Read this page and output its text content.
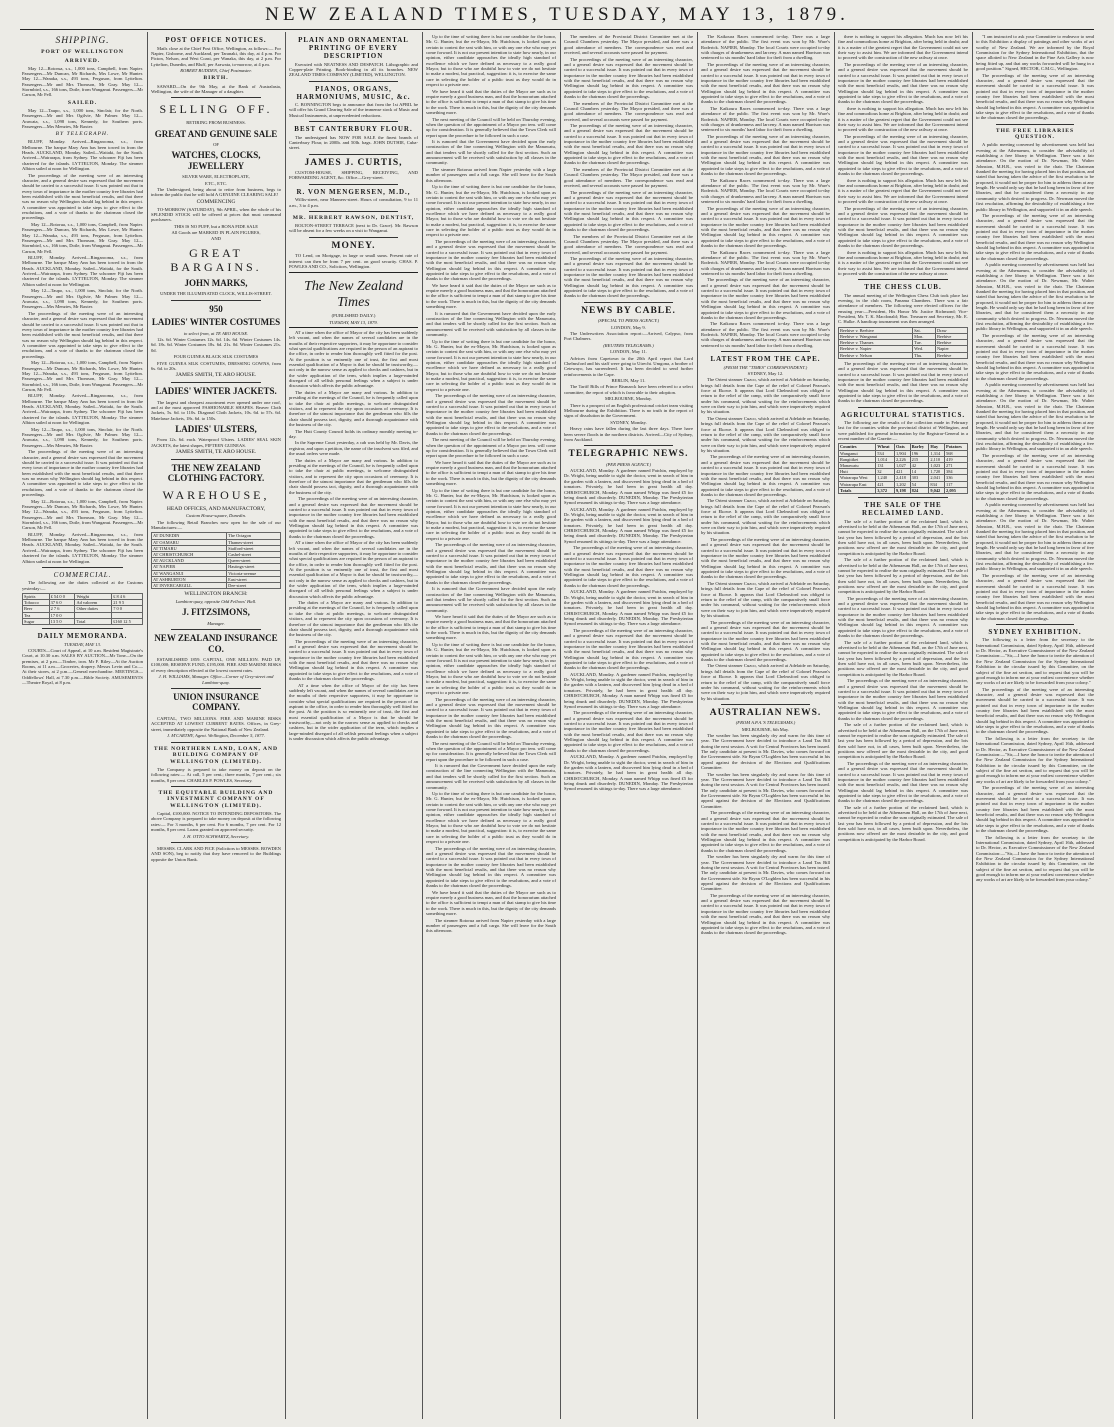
NEW ZEALAND TIMES, TUESDAY, MAY 13, 1879.
SHIPPING.
PORT OF WELLINGTON
ARRIVED.

May 12—Rotorua, s.s., 1,000 tons, Campbell, from Napier. Passengers—Mr Duncan, Mr Richards, Mrs Lowe, Mr Hunter. May 12—Wanaka, s.s., 493 tons, Ferguson, from Lyttelton. Passengers—Mr and Mrs Thomson, Mr Gray. May 12—Stormbird, s.s., 166 tons, Doile, from Wanganui. Passengers—Mr Carson, Mr Fell.

SAILED.

May 12—Taupo, s.s., 1,000 tons, Sinclair, for the North. Passengers—Mr and Mrs Ogilvie, Mr Palmer. May 12—Arawata, s.s., 1,098 tons, Kennedy, for Southern ports. Passengers—Mrs Menzies, Mr Baxter.

BY TELEGRAPH.

BLUFF, Monday. Arrived—Ringarooma, s.s., from Melbourne. The barque Mary Ann has been towed in from the Heads. AUCKLAND, Monday. Sailed—Waitaki, for the South. Arrived—Wairarapa, from Sydney. The schooner Fiji has been chartered for the islands. LYTTELTON, Monday. The steamer Albion sailed at noon for Wellington.

The proceedings of the meeting were of an interesting character, and a general desire was expressed that the movement should be carried to a successful issue. It was pointed out that in every town of importance in the mother country free libraries had been established with the most beneficial results, and that there was no reason why Wellington should lag behind in this respect. A committee was appointed to take steps to give effect to the resolutions, and a vote of thanks to the chairman closed the proceedings.

May 12—Rotorua, s.s., 1,000 tons, Campbell, from Napier. Passengers—Mr Duncan, Mr Richards, Mrs Lowe, Mr Hunter. May 12—Wanaka, s.s., 493 tons, Ferguson, from Lyttelton. Passengers—Mr and Mrs Thomson, Mr Gray. May 12—Stormbird, s.s., 166 tons, Doile, from Wanganui. Passengers—Mr Carson, Mr Fell.

BLUFF, Monday. Arrived—Ringarooma, s.s., from Melbourne. The barque Mary Ann has been towed in from the Heads. AUCKLAND, Monday. Sailed—Waitaki, for the South. Arrived—Wairarapa, from Sydney. The schooner Fiji has been chartered for the islands. LYTTELTON, Monday. The steamer Albion sailed at noon for Wellington.

May 12—Taupo, s.s., 1,000 tons, Sinclair, for the North. Passengers—Mr and Mrs Ogilvie, Mr Palmer. May 12—Arawata, s.s., 1,098 tons, Kennedy, for Southern ports. Passengers—Mrs Menzies, Mr Baxter.

The proceedings of the meeting were of an interesting character, and a general desire was expressed that the movement should be carried to a successful issue. It was pointed out that in every town of importance in the mother country free libraries had been established with the most beneficial results, and that there was no reason why Wellington should lag behind in this respect. A committee was appointed to take steps to give effect to the resolutions, and a vote of thanks to the chairman closed the proceedings.

May 12—Rotorua, s.s., 1,000 tons, Campbell, from Napier. Passengers—Mr Duncan, Mr Richards, Mrs Lowe, Mr Hunter. May 12—Wanaka, s.s., 493 tons, Ferguson, from Lyttelton. Passengers—Mr and Mrs Thomson, Mr Gray. May 12—Stormbird, s.s., 166 tons, Doile, from Wanganui. Passengers—Mr Carson, Mr Fell.

BLUFF, Monday. Arrived—Ringarooma, s.s., from Melbourne. The barque Mary Ann has been towed in from the Heads. AUCKLAND, Monday. Sailed—Waitaki, for the South. Arrived—Wairarapa, from Sydney. The schooner Fiji has been chartered for the islands. LYTTELTON, Monday. The steamer Albion sailed at noon for Wellington.

May 12—Taupo, s.s., 1,000 tons, Sinclair, for the North. Passengers—Mr and Mrs Ogilvie, Mr Palmer. May 12—Arawata, s.s., 1,098 tons, Kennedy, for Southern ports. Passengers—Mrs Menzies, Mr Baxter.

The proceedings of the meeting were of an interesting character, and a general desire was expressed that the movement should be carried to a successful issue. It was pointed out that in every town of importance in the mother country free libraries had been established with the most beneficial results, and that there was no reason why Wellington should lag behind in this respect. A committee was appointed to take steps to give effect to the resolutions, and a vote of thanks to the chairman closed the proceedings.

May 12—Rotorua, s.s., 1,000 tons, Campbell, from Napier. Passengers—Mr Duncan, Mr Richards, Mrs Lowe, Mr Hunter. May 12—Wanaka, s.s., 493 tons, Ferguson, from Lyttelton. Passengers—Mr and Mrs Thomson, Mr Gray. May 12—Stormbird, s.s., 166 tons, Doile, from Wanganui. Passengers—Mr Carson, Mr Fell.

BLUFF, Monday. Arrived—Ringarooma, s.s., from Melbourne. The barque Mary Ann has been towed in from the Heads. AUCKLAND, Monday. Sailed—Waitaki, for the South. Arrived—Wairarapa, from Sydney. The schooner Fiji has been chartered for the islands. LYTTELTON, Monday. The steamer Albion sailed at noon for Wellington.

COMMERCIAL.

The following are the duties collected at the Customs yesterday:—

Spirits	£ 54 0 0	Weight	£ 8 4 6
Tobacco	37 6 0	Ad valorem	21 9 5
Beer	2 7 6	Other duties	7 0 0
Tea	17 0 0		
Sugar	13 5 0	Total	£160 12 5
DAILY MEMORANDA.
TUESDAY, MAY 13.

COURTS—Court of Appeal, at 10 a.m. Resident Magistrate's Court, at 10.30 a.m. SALES BY AUCTION—Mr Tone—On the premises, at 2 p.m.—Timber, iron. Mr F. Riley—At the Auction Rooms, at 11 a.m.—Groceries, drapery. Messrs Levin and Co.—At their stores, at 2 p.m.—General merchandise. MEETINGS—Oddfellows' Hall, at 7.30 p.m.—Bible Society. AMUSEMENTS—Theatre Royal, at 8 p.m.

POST OFFICE NOTICES.

Mails close at the Chief Post Office, Wellington, as follows:— For Napier, Gisborne, and Auckland, per Taranaki, this day, at 4 p.m. For Picton, Nelson, and West Coast, per Wanaka, this day, at 2 p.m. For Lyttelton, Dunedin, and Bluff, per Arawata, to-morrow, at 4 p.m.

ROBERT BUDDEN, Chief Postmaster.
BIRTH.

SAWARD—On the 9th May, at the Bank of Australasia, Wellington, the wife of the Manager of a daughter.

SELLING OFF.
RETIRING FROM BUSINESS.
GREAT AND GENUINE SALE
OF
WATCHES, CLOCKS, JEWELLERY
SILVER WARE, ELECTROPLATE,
ETC., ETC.

The Undersigned, being about to retire from business, begs to inform the public that he will hold A GENUINE CLEARING SALE!

COMMENCING

TO-MORROW (SATURDAY), 9th APRIL, when the whole of his SPLENDID STOCK will be offered at prices that must command purchasers.

THIS IS NO PUFF, but a BONA FIDE SALE
All Goods are MARKED IN PLAIN FIGURES,
AND
GREAT BARGAINS.
JOHN MARKS,
UNDER THE ILLUMINATED CLOCK, WILLIS-STREET.
950
LADIES' WINTER COSTUMES
to select from, at TE ARO HOUSE.

12s. 6d. Winter Costumes 12s. 6d. 14s. 6d. Winter Costumes 14s. 6d. 18s. 6d. Winter Costumes 18s. 6d. 21s. 0d. Winter Costumes 21s. 0d.

FOUR GUINEA BLACK SILK COSTUMES

FIVE GUINEA SILK COSTUMES, DRESSING GOWNS, from 6s. 6d. to 20s.

JAMES SMITH, TE ARO HOUSE.
LADIES' WINTER JACKETS.

The largest and cheapest assortment ever opened under one roof, and at the most approved FASHIONABLE SHAPES. Beaver Cloth Jackets, 5s. 6d. to 110s. Diagonal Cloth Jackets, 10s. 6d. to 57s. 6d. Matelasse Jackets, 18s. 6d. to 150s.

LADIES' ULSTERS,

From 12s. 6d. each. Waterproof Ulsters. LADIES' SEAL SKIN JACKETS, the latest shapes, FIFTEEN GUINEAS.

JAMES SMITH, TE ARO HOUSE.
THE NEW ZEALAND CLOTHING FACTORY.
WAREHOUSE,
HEAD OFFICES, AND MANUFACTORY,
Custom House-square, Dunedin.

The following Retail Branches now open for the sale of our Manufactures:—

AT DUNEDIN	The Octagon
AT OAMARU	Thames-street
AT TIMARU	Stafford-street
AT CHRISTCHURCH	Cashel-street
AT AUCKLAND	Queen-street
AT NAPIER	Hastings-street
AT WANGANUI	Victoria-avenue
AT ASHBURTON	East-street
AT INVERCARGILL	Dee-street
WELLINGTON BRANCH:
Lambton-quay, opposite Odd Fellows' Hall.
J. FITZSIMONS,
Manager.
NEW ZEALAND INSURANCE CO.

ESTABLISHED 1859. CAPITAL, ONE MILLION. PAID UP, £100,000; RESERVE FUND, £195,000. FIRE AND MARINE RISKS of every description effected at the lowest current rates.

J. H. WILLIAMS, Manager. Office—Corner of Grey-street and Lambton-quay.
UNION INSURANCE COMPANY.

CAPITAL, TWO MILLIONS. FIRE AND MARINE RISKS ACCEPTED AT LOWEST CURRENT RATES. Offices, in Grey-street, immediately opposite the National Bank of New Zealand.

J. M'CARTHY, Agent. Wellington, December 5, 1877.
THE NORTHERN LAND, LOAN, AND BUILDING COMPANY OF WELLINGTON (LIMITED).

The Company is prepared to take money on deposit on the following rates:— At call, 5 per cent.; three months, 7 per cent.; six months, 8 per cent. CHARLES P. POWLES, Secretary.

THE EQUITABLE BUILDING AND INVESTMENT COMPANY OF WELLINGTON (LIMITED).

Capital, £100,000. NOTICE TO INTENDING DEPOSITORS. The above Company is prepared to take money on deposit at the following rates:— For 3 months, 6 per cent. For 6 months, 7 per cent. For 12 months, 8 per cent. Loans granted on approved security.

J. H. OTTO SCHWARTZ, Secretary.

MESSRS. CLARK AND FICE (Solicitors to MESSRS. BOWDEN AND SON), beg to notify that they have removed to the Buildings opposite the Union Bank.

PLAIN AND ORNAMENTAL PRINTING OF EVERY DESCRIPTION

Executed with NEATNESS AND DESPATCH. Lithographic and Copper-plate Printing. Book-binding in all its branches. NEW ZEALAND TIMES COMPANY (LIMITED), WELLINGTON.

PIANOS, ORGANS, HARMONIUMS, MUSIC, &c.

C. BONNINGTON begs to announce that from the 1st APRIL he will offer his Grand Clearing Sale of the immense stock of Music and Musical Instruments, at unprecedented reductions.

BEST CANTERBURY FLOUR.

The undersigned has NOW FOR SALE the finest brands of Canterbury Flour, in 200lb. and 50lb. bags. JOHN DUTHIE, Cuba-street.

JAMES J. CURTIS,

CUSTOM-HOUSE, SHIPPING, RECEIVING, AND FORWARDING AGENT, &c. Office—Grey-street.

R. VON MENGERSEN, M.D.,

Willis-street, near Manners-street. Hours of consultation, 9 to 11 a.m., 3 to 4 p.m.

MR. HERBERT RAWSON, DENTIST,

BOLTON-STREET TERRACE (next to Dr. Grace). Mr. Rawson will be absent for a few weeks on a visit to Wanganui.

MONEY.

TO Lend, on Mortgage, in large or small sums. Present rate of interest can then be from 7 per cent. on good security. CHAS. P. POWLES AND CO., Solicitors, Wellington.

The New Zealand Times
(PUBLISHED DAILY.)
TUESDAY, MAY 13, 1879.

AT a time when the office of Mayor of the city has been suddenly left vacant, and when the names of several candidates are in the mouths of their respective supporters, it may be opportune to consider what special qualifications are required in the person of an aspirant to the office, in order to render him thoroughly well fitted for the post. At the position is so eminently one of trust, the first and most essential qualification of a Mayor is that he should be trustworthy,—not only in the narrow sense as applied to checks and cashiers, but in the wider application of the term, which implies a large-minded disregard of all selfish personal feelings when a subject is under discussion which affects the public advantage.

The duties of a Mayor are many and various. In addition to presiding at the meetings of the Council, he is frequently called upon to take the chair at public meetings, to welcome distinguished visitors, and to represent the city upon occasions of ceremony. It is therefore of the utmost importance that the gentleman who fills the chair should possess tact, dignity, and a thorough acquaintance with the business of the city.

The Hutt County Council holds its ordinary monthly meeting to-day.

In the Supreme Court yesterday, a cab was held by Mr. Davis, the registrar, and upon a petition, the name of the insolvent was filed, and the usual orders were made.

The duties of a Mayor are many and various. In addition to presiding at the meetings of the Council, he is frequently called upon to take the chair at public meetings, to welcome distinguished visitors, and to represent the city upon occasions of ceremony. It is therefore of the utmost importance that the gentleman who fills the chair should possess tact, dignity, and a thorough acquaintance with the business of the city.

The proceedings of the meeting were of an interesting character, and a general desire was expressed that the movement should be carried to a successful issue. It was pointed out that in every town of importance in the mother country free libraries had been established with the most beneficial results, and that there was no reason why Wellington should lag behind in this respect. A committee was appointed to take steps to give effect to the resolutions, and a vote of thanks to the chairman closed the proceedings.

AT a time when the office of Mayor of the city has been suddenly left vacant, and when the names of several candidates are in the mouths of their respective supporters, it may be opportune to consider what special qualifications are required in the person of an aspirant to the office, in order to render him thoroughly well fitted for the post. At the position is so eminently one of trust, the first and most essential qualification of a Mayor is that he should be trustworthy,—not only in the narrow sense as applied to checks and cashiers, but in the wider application of the term, which implies a large-minded disregard of all selfish personal feelings when a subject is under discussion which affects the public advantage.

The duties of a Mayor are many and various. In addition to presiding at the meetings of the Council, he is frequently called upon to take the chair at public meetings, to welcome distinguished visitors, and to represent the city upon occasions of ceremony. It is therefore of the utmost importance that the gentleman who fills the chair should possess tact, dignity, and a thorough acquaintance with the business of the city.

The proceedings of the meeting were of an interesting character, and a general desire was expressed that the movement should be carried to a successful issue. It was pointed out that in every town of importance in the mother country free libraries had been established with the most beneficial results, and that there was no reason why Wellington should lag behind in this respect. A committee was appointed to take steps to give effect to the resolutions, and a vote of thanks to the chairman closed the proceedings.

AT a time when the office of Mayor of the city has been suddenly left vacant, and when the names of several candidates are in the mouths of their respective supporters, it may be opportune to consider what special qualifications are required in the person of an aspirant to the office, in order to render him thoroughly well fitted for the post. At the position is so eminently one of trust, the first and most essential qualification of a Mayor is that he should be trustworthy,—not only in the narrow sense as applied to checks and cashiers, but in the wider application of the term, which implies a large-minded disregard of all selfish personal feelings when a subject is under discussion which affects the public advantage.

Up to the time of writing there is but one candidate for the honor, Mr. G. Hunter, but the ex-Mayor, Mr. Hutchison, is looked upon as certain to contest the seat with him, or with any one else who may yet come forward. It is not our present intention to state how nearly, in our opinion, either candidate approaches the ideally high standard of excellence which we have defined as necessary to a really good Mayor, but to those who are doubtful how to vote we do not hesitate to make a modest, but practical, suggestion: it is, to exercise the same care in selecting the holder of a public trust as they would do in respect to a private one.

We have heard it said that the duties of the Mayor are such as to require merely a good business man, and that the honorarium attached to the office is sufficient to tempt a man of that stamp to give his time to the work. There is much in this, but the dignity of the city demands something more.

The next meeting of the Council will be held on Thursday evening, when the question of the appointment of a Mayor pro tem. will come up for consideration. It is generally believed that the Town Clerk will report upon the procedure to be followed in such a case.

It is rumored that the Government have decided upon the early construction of the line connecting Wellington with the Manawatu, and that tenders will be shortly called for the first section. Such an announcement will be received with satisfaction by all classes in the community.

The steamer Rotorua arrived from Napier yesterday with a large number of passengers and a full cargo. She will leave for the South this afternoon.

Up to the time of writing there is but one candidate for the honor, Mr. G. Hunter, but the ex-Mayor, Mr. Hutchison, is looked upon as certain to contest the seat with him, or with any one else who may yet come forward. It is not our present intention to state how nearly, in our opinion, either candidate approaches the ideally high standard of excellence which we have defined as necessary to a really good Mayor, but to those who are doubtful how to vote we do not hesitate to make a modest, but practical, suggestion: it is, to exercise the same care in selecting the holder of a public trust as they would do in respect to a private one.

The proceedings of the meeting were of an interesting character, and a general desire was expressed that the movement should be carried to a successful issue. It was pointed out that in every town of importance in the mother country free libraries had been established with the most beneficial results, and that there was no reason why Wellington should lag behind in this respect. A committee was appointed to take steps to give effect to the resolutions, and a vote of thanks to the chairman closed the proceedings.

We have heard it said that the duties of the Mayor are such as to require merely a good business man, and that the honorarium attached to the office is sufficient to tempt a man of that stamp to give his time to the work. There is much in this, but the dignity of the city demands something more.

It is rumored that the Government have decided upon the early construction of the line connecting Wellington with the Manawatu, and that tenders will be shortly called for the first section. Such an announcement will be received with satisfaction by all classes in the community.

Up to the time of writing there is but one candidate for the honor, Mr. G. Hunter, but the ex-Mayor, Mr. Hutchison, is looked upon as certain to contest the seat with him, or with any one else who may yet come forward. It is not our present intention to state how nearly, in our opinion, either candidate approaches the ideally high standard of excellence which we have defined as necessary to a really good Mayor, but to those who are doubtful how to vote we do not hesitate to make a modest, but practical, suggestion: it is, to exercise the same care in selecting the holder of a public trust as they would do in respect to a private one.

The proceedings of the meeting were of an interesting character, and a general desire was expressed that the movement should be carried to a successful issue. It was pointed out that in every town of importance in the mother country free libraries had been established with the most beneficial results, and that there was no reason why Wellington should lag behind in this respect. A committee was appointed to take steps to give effect to the resolutions, and a vote of thanks to the chairman closed the proceedings.

The next meeting of the Council will be held on Thursday evening, when the question of the appointment of a Mayor pro tem. will come up for consideration. It is generally believed that the Town Clerk will report upon the procedure to be followed in such a case.

We have heard it said that the duties of the Mayor are such as to require merely a good business man, and that the honorarium attached to the office is sufficient to tempt a man of that stamp to give his time to the work. There is much in this, but the dignity of the city demands something more.

Up to the time of writing there is but one candidate for the honor, Mr. G. Hunter, but the ex-Mayor, Mr. Hutchison, is looked upon as certain to contest the seat with him, or with any one else who may yet come forward. It is not our present intention to state how nearly, in our opinion, either candidate approaches the ideally high standard of excellence which we have defined as necessary to a really good Mayor, but to those who are doubtful how to vote we do not hesitate to make a modest, but practical, suggestion: it is, to exercise the same care in selecting the holder of a public trust as they would do in respect to a private one.

The proceedings of the meeting were of an interesting character, and a general desire was expressed that the movement should be carried to a successful issue. It was pointed out that in every town of importance in the mother country free libraries had been established with the most beneficial results, and that there was no reason why Wellington should lag behind in this respect. A committee was appointed to take steps to give effect to the resolutions, and a vote of thanks to the chairman closed the proceedings.

It is rumored that the Government have decided upon the early construction of the line connecting Wellington with the Manawatu, and that tenders will be shortly called for the first section. Such an announcement will be received with satisfaction by all classes in the community.

We have heard it said that the duties of the Mayor are such as to require merely a good business man, and that the honorarium attached to the office is sufficient to tempt a man of that stamp to give his time to the work. There is much in this, but the dignity of the city demands something more.

Up to the time of writing there is but one candidate for the honor, Mr. G. Hunter, but the ex-Mayor, Mr. Hutchison, is looked upon as certain to contest the seat with him, or with any one else who may yet come forward. It is not our present intention to state how nearly, in our opinion, either candidate approaches the ideally high standard of excellence which we have defined as necessary to a really good Mayor, but to those who are doubtful how to vote we do not hesitate to make a modest, but practical, suggestion: it is, to exercise the same care in selecting the holder of a public trust as they would do in respect to a private one.

The proceedings of the meeting were of an interesting character, and a general desire was expressed that the movement should be carried to a successful issue. It was pointed out that in every town of importance in the mother country free libraries had been established with the most beneficial results, and that there was no reason why Wellington should lag behind in this respect. A committee was appointed to take steps to give effect to the resolutions, and a vote of thanks to the chairman closed the proceedings.

The next meeting of the Council will be held on Thursday evening, when the question of the appointment of a Mayor pro tem. will come up for consideration. It is generally believed that the Town Clerk will report upon the procedure to be followed in such a case.

It is rumored that the Government have decided upon the early construction of the line connecting Wellington with the Manawatu, and that tenders will be shortly called for the first section. Such an announcement will be received with satisfaction by all classes in the community.

Up to the time of writing there is but one candidate for the honor, Mr. G. Hunter, but the ex-Mayor, Mr. Hutchison, is looked upon as certain to contest the seat with him, or with any one else who may yet come forward. It is not our present intention to state how nearly, in our opinion, either candidate approaches the ideally high standard of excellence which we have defined as necessary to a really good Mayor, but to those who are doubtful how to vote we do not hesitate to make a modest, but practical, suggestion: it is, to exercise the same care in selecting the holder of a public trust as they would do in respect to a private one.

The proceedings of the meeting were of an interesting character, and a general desire was expressed that the movement should be carried to a successful issue. It was pointed out that in every town of importance in the mother country free libraries had been established with the most beneficial results, and that there was no reason why Wellington should lag behind in this respect. A committee was appointed to take steps to give effect to the resolutions, and a vote of thanks to the chairman closed the proceedings.

We have heard it said that the duties of the Mayor are such as to require merely a good business man, and that the honorarium attached to the office is sufficient to tempt a man of that stamp to give his time to the work. There is much in this, but the dignity of the city demands something more.

The steamer Rotorua arrived from Napier yesterday with a large number of passengers and a full cargo. She will leave for the South this afternoon.

The members of the Provincial District Committee met at the Council Chambers yesterday. The Mayor presided, and there was a good attendance of members. The correspondence was read and received, and several accounts were passed for payment.

The proceedings of the meeting were of an interesting character, and a general desire was expressed that the movement should be carried to a successful issue. It was pointed out that in every town of importance in the mother country free libraries had been established with the most beneficial results, and that there was no reason why Wellington should lag behind in this respect. A committee was appointed to take steps to give effect to the resolutions, and a vote of thanks to the chairman closed the proceedings.

The members of the Provincial District Committee met at the Council Chambers yesterday. The Mayor presided, and there was a good attendance of members. The correspondence was read and received, and several accounts were passed for payment.

The proceedings of the meeting were of an interesting character, and a general desire was expressed that the movement should be carried to a successful issue. It was pointed out that in every town of importance in the mother country free libraries had been established with the most beneficial results, and that there was no reason why Wellington should lag behind in this respect. A committee was appointed to take steps to give effect to the resolutions, and a vote of thanks to the chairman closed the proceedings.

The members of the Provincial District Committee met at the Council Chambers yesterday. The Mayor presided, and there was a good attendance of members. The correspondence was read and received, and several accounts were passed for payment.

The proceedings of the meeting were of an interesting character, and a general desire was expressed that the movement should be carried to a successful issue. It was pointed out that in every town of importance in the mother country free libraries had been established with the most beneficial results, and that there was no reason why Wellington should lag behind in this respect. A committee was appointed to take steps to give effect to the resolutions, and a vote of thanks to the chairman closed the proceedings.

The members of the Provincial District Committee met at the Council Chambers yesterday. The Mayor presided, and there was a good attendance of members. The correspondence was read and received, and several accounts were passed for payment.

The proceedings of the meeting were of an interesting character, and a general desire was expressed that the movement should be carried to a successful issue. It was pointed out that in every town of importance in the mother country free libraries had been established with the most beneficial results, and that there was no reason why Wellington should lag behind in this respect. A committee was appointed to take steps to give effect to the resolutions, and a vote of thanks to the chairman closed the proceedings.

NEWS BY CABLE.
(SPECIAL TO PRESS AGENCY.)
LONDON, May 9.

The Underwriters Association report:—Arrived, Calypso, from Port Chalmers.

(REUTERS TELEGRAMS.)
LONDON, May 11.

Advices from Capetown to the 20th April report that Lord Chelmsford and his staff were going to Utrecht. Umgona, a brother of Cetewayo, has surrendered. It has been decided to send further reinforcements to the Cape.

BERLIN, May 11.

The Tariff Bills of Prince Bismarck have been referred to a select committee, the report of which is favorable to their adoption.

MELBOURNE, Monday.

There is a prospect of an English professional cricket team visiting Melbourne during the Exhibition. There is no truth in the report of signs of dissolution in the Government.

SYDNEY, Monday.

Heavy rains have fallen during the last three days. There have been severe floods in the northern districts. Arrived—City of Sydney, from Auckland.

TELEGRAPHIC NEWS.
(PER PRESS AGENCY.)

AUCKLAND, Monday. A gardener named Patchin, employed by Dr. Wright, being unable to sight the doctor, went in search of him in the garden with a lantern, and discovered him lying dead in a bed of tomatoes. Privately, he had been in great health all day. CHRISTCHURCH, Monday. A man named Whipp was fined £5 for being drunk and disorderly. DUNEDIN, Monday. The Presbyterian Synod resumed its sittings to-day. There was a large attendance.

AUCKLAND, Monday. A gardener named Patchin, employed by Dr. Wright, being unable to sight the doctor, went in search of him in the garden with a lantern, and discovered him lying dead in a bed of tomatoes. Privately, he had been in great health all day. CHRISTCHURCH, Monday. A man named Whipp was fined £5 for being drunk and disorderly. DUNEDIN, Monday. The Presbyterian Synod resumed its sittings to-day. There was a large attendance.

The proceedings of the meeting were of an interesting character, and a general desire was expressed that the movement should be carried to a successful issue. It was pointed out that in every town of importance in the mother country free libraries had been established with the most beneficial results, and that there was no reason why Wellington should lag behind in this respect. A committee was appointed to take steps to give effect to the resolutions, and a vote of thanks to the chairman closed the proceedings.

AUCKLAND, Monday. A gardener named Patchin, employed by Dr. Wright, being unable to sight the doctor, went in search of him in the garden with a lantern, and discovered him lying dead in a bed of tomatoes. Privately, he had been in great health all day. CHRISTCHURCH, Monday. A man named Whipp was fined £5 for being drunk and disorderly. DUNEDIN, Monday. The Presbyterian Synod resumed its sittings to-day. There was a large attendance.

The proceedings of the meeting were of an interesting character, and a general desire was expressed that the movement should be carried to a successful issue. It was pointed out that in every town of importance in the mother country free libraries had been established with the most beneficial results, and that there was no reason why Wellington should lag behind in this respect. A committee was appointed to take steps to give effect to the resolutions, and a vote of thanks to the chairman closed the proceedings.

AUCKLAND, Monday. A gardener named Patchin, employed by Dr. Wright, being unable to sight the doctor, went in search of him in the garden with a lantern, and discovered him lying dead in a bed of tomatoes. Privately, he had been in great health all day. CHRISTCHURCH, Monday. A man named Whipp was fined £5 for being drunk and disorderly. DUNEDIN, Monday. The Presbyterian Synod resumed its sittings to-day. There was a large attendance.

The proceedings of the meeting were of an interesting character, and a general desire was expressed that the movement should be carried to a successful issue. It was pointed out that in every town of importance in the mother country free libraries had been established with the most beneficial results, and that there was no reason why Wellington should lag behind in this respect. A committee was appointed to take steps to give effect to the resolutions, and a vote of thanks to the chairman closed the proceedings.

AUCKLAND, Monday. A gardener named Patchin, employed by Dr. Wright, being unable to sight the doctor, went in search of him in the garden with a lantern, and discovered him lying dead in a bed of tomatoes. Privately, he had been in great health all day. CHRISTCHURCH, Monday. A man named Whipp was fined £5 for being drunk and disorderly. DUNEDIN, Monday. The Presbyterian Synod resumed its sittings to-day. There was a large attendance.

The Kaikoura Races commenced to-day. There was a large attendance of the public. The first event was won by Mr. Ware's Roderick. NAPIER, Monday. The local Courts were occupied to-day with charges of drunkenness and larceny. A man named Harrison was sentenced to six months' hard labor for theft from a dwelling.

The proceedings of the meeting were of an interesting character, and a general desire was expressed that the movement should be carried to a successful issue. It was pointed out that in every town of importance in the mother country free libraries had been established with the most beneficial results, and that there was no reason why Wellington should lag behind in this respect. A committee was appointed to take steps to give effect to the resolutions, and a vote of thanks to the chairman closed the proceedings.

The Kaikoura Races commenced to-day. There was a large attendance of the public. The first event was won by Mr. Ware's Roderick. NAPIER, Monday. The local Courts were occupied to-day with charges of drunkenness and larceny. A man named Harrison was sentenced to six months' hard labor for theft from a dwelling.

The proceedings of the meeting were of an interesting character, and a general desire was expressed that the movement should be carried to a successful issue. It was pointed out that in every town of importance in the mother country free libraries had been established with the most beneficial results, and that there was no reason why Wellington should lag behind in this respect. A committee was appointed to take steps to give effect to the resolutions, and a vote of thanks to the chairman closed the proceedings.

The Kaikoura Races commenced to-day. There was a large attendance of the public. The first event was won by Mr. Ware's Roderick. NAPIER, Monday. The local Courts were occupied to-day with charges of drunkenness and larceny. A man named Harrison was sentenced to six months' hard labor for theft from a dwelling.

The proceedings of the meeting were of an interesting character, and a general desire was expressed that the movement should be carried to a successful issue. It was pointed out that in every town of importance in the mother country free libraries had been established with the most beneficial results, and that there was no reason why Wellington should lag behind in this respect. A committee was appointed to take steps to give effect to the resolutions, and a vote of thanks to the chairman closed the proceedings.

The Kaikoura Races commenced to-day. There was a large attendance of the public. The first event was won by Mr. Ware's Roderick. NAPIER, Monday. The local Courts were occupied to-day with charges of drunkenness and larceny. A man named Harrison was sentenced to six months' hard labor for theft from a dwelling.

The proceedings of the meeting were of an interesting character, and a general desire was expressed that the movement should be carried to a successful issue. It was pointed out that in every town of importance in the mother country free libraries had been established with the most beneficial results, and that there was no reason why Wellington should lag behind in this respect. A committee was appointed to take steps to give effect to the resolutions, and a vote of thanks to the chairman closed the proceedings.

The Kaikoura Races commenced to-day. There was a large attendance of the public. The first event was won by Mr. Ware's Roderick. NAPIER, Monday. The local Courts were occupied to-day with charges of drunkenness and larceny. A man named Harrison was sentenced to six months' hard labor for theft from a dwelling.

LATEST FROM THE CAPE.
(FROM THE "TIMES" CORRESPONDENT.)
SYDNEY, May 12.

The Orient steamer Cuzco, which arrived at Adelaide on Saturday, brings full details from the Cape of the relief of Colonel Pearson's force at Ekowe. It appears that Lord Chelmsford was obliged to return to the relief of the camp, with the comparatively small force under his command, without waiting for the reinforcements which were on their way to join him, and which were imperatively required by his situation.

The Orient steamer Cuzco, which arrived at Adelaide on Saturday, brings full details from the Cape of the relief of Colonel Pearson's force at Ekowe. It appears that Lord Chelmsford was obliged to return to the relief of the camp, with the comparatively small force under his command, without waiting for the reinforcements which were on their way to join him, and which were imperatively required by his situation.

The proceedings of the meeting were of an interesting character, and a general desire was expressed that the movement should be carried to a successful issue. It was pointed out that in every town of importance in the mother country free libraries had been established with the most beneficial results, and that there was no reason why Wellington should lag behind in this respect. A committee was appointed to take steps to give effect to the resolutions, and a vote of thanks to the chairman closed the proceedings.

The Orient steamer Cuzco, which arrived at Adelaide on Saturday, brings full details from the Cape of the relief of Colonel Pearson's force at Ekowe. It appears that Lord Chelmsford was obliged to return to the relief of the camp, with the comparatively small force under his command, without waiting for the reinforcements which were on their way to join him, and which were imperatively required by his situation.

The proceedings of the meeting were of an interesting character, and a general desire was expressed that the movement should be carried to a successful issue. It was pointed out that in every town of importance in the mother country free libraries had been established with the most beneficial results, and that there was no reason why Wellington should lag behind in this respect. A committee was appointed to take steps to give effect to the resolutions, and a vote of thanks to the chairman closed the proceedings.

The Orient steamer Cuzco, which arrived at Adelaide on Saturday, brings full details from the Cape of the relief of Colonel Pearson's force at Ekowe. It appears that Lord Chelmsford was obliged to return to the relief of the camp, with the comparatively small force under his command, without waiting for the reinforcements which were on their way to join him, and which were imperatively required by his situation.

The proceedings of the meeting were of an interesting character, and a general desire was expressed that the movement should be carried to a successful issue. It was pointed out that in every town of importance in the mother country free libraries had been established with the most beneficial results, and that there was no reason why Wellington should lag behind in this respect. A committee was appointed to take steps to give effect to the resolutions, and a vote of thanks to the chairman closed the proceedings.

The Orient steamer Cuzco, which arrived at Adelaide on Saturday, brings full details from the Cape of the relief of Colonel Pearson's force at Ekowe. It appears that Lord Chelmsford was obliged to return to the relief of the camp, with the comparatively small force under his command, without waiting for the reinforcements which were on their way to join him, and which were imperatively required by his situation.

AUSTRALIAN NEWS.
(FROM A.P.A.'S TELEGRAMS.)
MELBOURNE, 6th May.

The weather has been singularly dry and warm for this time of year. The Government have decided to introduce a Land Tax Bill during the next session. A writ for Central Provinces has been issued. The only candidate at present is Mr. Davies, who comes forward on the Government side. Sir Bryan O'Loghlen has been successful in his appeal against the decision of the Elections and Qualifications Committee.

The weather has been singularly dry and warm for this time of year. The Government have decided to introduce a Land Tax Bill during the next session. A writ for Central Provinces has been issued. The only candidate at present is Mr. Davies, who comes forward on the Government side. Sir Bryan O'Loghlen has been successful in his appeal against the decision of the Elections and Qualifications Committee.

The proceedings of the meeting were of an interesting character, and a general desire was expressed that the movement should be carried to a successful issue. It was pointed out that in every town of importance in the mother country free libraries had been established with the most beneficial results, and that there was no reason why Wellington should lag behind in this respect. A committee was appointed to take steps to give effect to the resolutions, and a vote of thanks to the chairman closed the proceedings.

The weather has been singularly dry and warm for this time of year. The Government have decided to introduce a Land Tax Bill during the next session. A writ for Central Provinces has been issued. The only candidate at present is Mr. Davies, who comes forward on the Government side. Sir Bryan O'Loghlen has been successful in his appeal against the decision of the Elections and Qualifications Committee.

The proceedings of the meeting were of an interesting character, and a general desire was expressed that the movement should be carried to a successful issue. It was pointed out that in every town of importance in the mother country free libraries had been established with the most beneficial results, and that there was no reason why Wellington should lag behind in this respect. A committee was appointed to take steps to give effect to the resolutions, and a vote of thanks to the chairman closed the proceedings.

there is nothing to support his allegation. Much has now left his fine and commodious home at Brighton, after being held in doubt; and it is a matter of the greatest regret that the Government could not see their way to assist him. We are informed that the Government intend to proceed with the construction of the new railway at once.

The proceedings of the meeting were of an interesting character, and a general desire was expressed that the movement should be carried to a successful issue. It was pointed out that in every town of importance in the mother country free libraries had been established with the most beneficial results, and that there was no reason why Wellington should lag behind in this respect. A committee was appointed to take steps to give effect to the resolutions, and a vote of thanks to the chairman closed the proceedings.

there is nothing to support his allegation. Much has now left his fine and commodious home at Brighton, after being held in doubt; and it is a matter of the greatest regret that the Government could not see their way to assist him. We are informed that the Government intend to proceed with the construction of the new railway at once.

The proceedings of the meeting were of an interesting character, and a general desire was expressed that the movement should be carried to a successful issue. It was pointed out that in every town of importance in the mother country free libraries had been established with the most beneficial results, and that there was no reason why Wellington should lag behind in this respect. A committee was appointed to take steps to give effect to the resolutions, and a vote of thanks to the chairman closed the proceedings.

there is nothing to support his allegation. Much has now left his fine and commodious home at Brighton, after being held in doubt; and it is a matter of the greatest regret that the Government could not see their way to assist him. We are informed that the Government intend to proceed with the construction of the new railway at once.

The proceedings of the meeting were of an interesting character, and a general desire was expressed that the movement should be carried to a successful issue. It was pointed out that in every town of importance in the mother country free libraries had been established with the most beneficial results, and that there was no reason why Wellington should lag behind in this respect. A committee was appointed to take steps to give effect to the resolutions, and a vote of thanks to the chairman closed the proceedings.

there is nothing to support his allegation. Much has now left his fine and commodious home at Brighton, after being held in doubt; and it is a matter of the greatest regret that the Government could not see their way to assist him. We are informed that the Government intend to proceed with the construction of the new railway at once.

THE CHESS CLUB.

The annual meeting of the Wellington Chess Club took place last evening, in the club room, Panama Chambers. There was a fair attendance of members. The following were elected officers for the ensuing year:—President, His Honor Mr. Justice Richmond; Vice-President, Mr. T. K. Macdonald; Hon. Treasurer and Secretary, Mr. E. C. Hulke. A handicap tournament was then arranged.

Beehive v. Beehive	Sat.	Draw
Beehive v. Wanganui	Mon.	Beehive
Beehive v. Thames	Tue.	Beehive
Beehive v. Napier	Wed.	Napier
Beehive v. Nelson	Thu.	Beehive

The proceedings of the meeting were of an interesting character, and a general desire was expressed that the movement should be carried to a successful issue. It was pointed out that in every town of importance in the mother country free libraries had been established with the most beneficial results, and that there was no reason why Wellington should lag behind in this respect. A committee was appointed to take steps to give effect to the resolutions, and a vote of thanks to the chairman closed the proceedings.

AGRICULTURAL STATISTICS.

The following are the results of the collection made in February last for the counties within the provincial district of Wellington, and were published for general information by the Registrar-General in a recent number of the Gazette:—

Counties	Wheat	Oats	Barley	Hay	Potatoes
Wanganui	534	1,904	196	1,314	568
Rangitikei	1,014	2,226	215	2,110	419
Manawatu	131	1,027	42	1,023	271
Hutt	32	421	14	1,720	384
Wairarapa West	1,240	2,418	303	2,041	336
Wairarapa East	421	1,202	54	834	117
Totals	3,372	9,198	824	9,042	2,095
THE SALE OF THE RECLAIMED LAND.

The sale of a further portion of the reclaimed land, which is advertised to be held at the Athenaeum Hall, on the 17th of June next, cannot be expected to realise the sum originally estimated. The sale of last year has been followed by a period of depression, and the lots then sold have not, in all cases, been built upon. Nevertheless, the positions now offered are the most desirable in the city, and good competition is anticipated by the Harbor Board.

The sale of a further portion of the reclaimed land, which is advertised to be held at the Athenaeum Hall, on the 17th of June next, cannot be expected to realise the sum originally estimated. The sale of last year has been followed by a period of depression, and the lots then sold have not, in all cases, been built upon. Nevertheless, the positions now offered are the most desirable in the city, and good competition is anticipated by the Harbor Board.

The proceedings of the meeting were of an interesting character, and a general desire was expressed that the movement should be carried to a successful issue. It was pointed out that in every town of importance in the mother country free libraries had been established with the most beneficial results, and that there was no reason why Wellington should lag behind in this respect. A committee was appointed to take steps to give effect to the resolutions, and a vote of thanks to the chairman closed the proceedings.

The sale of a further portion of the reclaimed land, which is advertised to be held at the Athenaeum Hall, on the 17th of June next, cannot be expected to realise the sum originally estimated. The sale of last year has been followed by a period of depression, and the lots then sold have not, in all cases, been built upon. Nevertheless, the positions now offered are the most desirable in the city, and good competition is anticipated by the Harbor Board.

The proceedings of the meeting were of an interesting character, and a general desire was expressed that the movement should be carried to a successful issue. It was pointed out that in every town of importance in the mother country free libraries had been established with the most beneficial results, and that there was no reason why Wellington should lag behind in this respect. A committee was appointed to take steps to give effect to the resolutions, and a vote of thanks to the chairman closed the proceedings.

The sale of a further portion of the reclaimed land, which is advertised to be held at the Athenaeum Hall, on the 17th of June next, cannot be expected to realise the sum originally estimated. The sale of last year has been followed by a period of depression, and the lots then sold have not, in all cases, been built upon. Nevertheless, the positions now offered are the most desirable in the city, and good competition is anticipated by the Harbor Board.

The proceedings of the meeting were of an interesting character, and a general desire was expressed that the movement should be carried to a successful issue. It was pointed out that in every town of importance in the mother country free libraries had been established with the most beneficial results, and that there was no reason why Wellington should lag behind in this respect. A committee was appointed to take steps to give effect to the resolutions, and a vote of thanks to the chairman closed the proceedings.

The sale of a further portion of the reclaimed land, which is advertised to be held at the Athenaeum Hall, on the 17th of June next, cannot be expected to realise the sum originally estimated. The sale of last year has been followed by a period of depression, and the lots then sold have not, in all cases, been built upon. Nevertheless, the positions now offered are the most desirable in the city, and good competition is anticipated by the Harbor Board.

"I am instructed to ask your Committee to endeavor to send to this Exhibition a display of paintings and other works of art worthy of New Zealand. We are informed by the Royal Commission for the Sydney International Exhibition, that the space allotted to New Zealand in the Fine Arts Gallery is now being fitted up, and that any works forwarded will be hung in a good position." Signed, HECTOR, C.M.G., Wellington.

The proceedings of the meeting were of an interesting character, and a general desire was expressed that the movement should be carried to a successful issue. It was pointed out that in every town of importance in the mother country free libraries had been established with the most beneficial results, and that there was no reason why Wellington should lag behind in this respect. A committee was appointed to take steps to give effect to the resolutions, and a vote of thanks to the chairman closed the proceedings.

THE FREE LIBRARIES QUESTION.

A public meeting convened by advertisement was held last evening at the Athenaeum, to consider the advisability of establishing a free library in Wellington. There was a fair attendance. On the motion of Dr. Newman, Mr. Walter Johnston, M.H.R., was voted to the chair. The Chairman thanked the meeting for having placed him in that position, and stated that having taken the advice of the first resolution to be proposed, it would not be proper for him to address them at any length. He would only say that he had long been in favor of free libraries, and that he considered them a necessity in any community which desired to progress. Dr. Newman moved the first resolution, affirming the desirability of establishing a free public library in Wellington, and supported it in an able speech.

The proceedings of the meeting were of an interesting character, and a general desire was expressed that the movement should be carried to a successful issue. It was pointed out that in every town of importance in the mother country free libraries had been established with the most beneficial results, and that there was no reason why Wellington should lag behind in this respect. A committee was appointed to take steps to give effect to the resolutions, and a vote of thanks to the chairman closed the proceedings.

A public meeting convened by advertisement was held last evening at the Athenaeum, to consider the advisability of establishing a free library in Wellington. There was a fair attendance. On the motion of Dr. Newman, Mr. Walter Johnston, M.H.R., was voted to the chair. The Chairman thanked the meeting for having placed him in that position, and stated that having taken the advice of the first resolution to be proposed, it would not be proper for him to address them at any length. He would only say that he had long been in favor of free libraries, and that he considered them a necessity in any community which desired to progress. Dr. Newman moved the first resolution, affirming the desirability of establishing a free public library in Wellington, and supported it in an able speech.

The proceedings of the meeting were of an interesting character, and a general desire was expressed that the movement should be carried to a successful issue. It was pointed out that in every town of importance in the mother country free libraries had been established with the most beneficial results, and that there was no reason why Wellington should lag behind in this respect. A committee was appointed to take steps to give effect to the resolutions, and a vote of thanks to the chairman closed the proceedings.

A public meeting convened by advertisement was held last evening at the Athenaeum, to consider the advisability of establishing a free library in Wellington. There was a fair attendance. On the motion of Dr. Newman, Mr. Walter Johnston, M.H.R., was voted to the chair. The Chairman thanked the meeting for having placed him in that position, and stated that having taken the advice of the first resolution to be proposed, it would not be proper for him to address them at any length. He would only say that he had long been in favor of free libraries, and that he considered them a necessity in any community which desired to progress. Dr. Newman moved the first resolution, affirming the desirability of establishing a free public library in Wellington, and supported it in an able speech.

The proceedings of the meeting were of an interesting character, and a general desire was expressed that the movement should be carried to a successful issue. It was pointed out that in every town of importance in the mother country free libraries had been established with the most beneficial results, and that there was no reason why Wellington should lag behind in this respect. A committee was appointed to take steps to give effect to the resolutions, and a vote of thanks to the chairman closed the proceedings.

A public meeting convened by advertisement was held last evening at the Athenaeum, to consider the advisability of establishing a free library in Wellington. There was a fair attendance. On the motion of Dr. Newman, Mr. Walter Johnston, M.H.R., was voted to the chair. The Chairman thanked the meeting for having placed him in that position, and stated that having taken the advice of the first resolution to be proposed, it would not be proper for him to address them at any length. He would only say that he had long been in favor of free libraries, and that he considered them a necessity in any community which desired to progress. Dr. Newman moved the first resolution, affirming the desirability of establishing a free public library in Wellington, and supported it in an able speech.

The proceedings of the meeting were of an interesting character, and a general desire was expressed that the movement should be carried to a successful issue. It was pointed out that in every town of importance in the mother country free libraries had been established with the most beneficial results, and that there was no reason why Wellington should lag behind in this respect. A committee was appointed to take steps to give effect to the resolutions, and a vote of thanks to the chairman closed the proceedings.

SYDNEY EXHIBITION.

The following is a letter from the secretary to the International Commission, dated Sydney, April 16th, addressed to Dr. Hector, as Executive Commissioner of the New Zealand Commission:—"Sir,—I have the honor to invite the attention of the New Zealand Commission for the Sydney International Exhibition to the circular issued by this Committee, on the subject of the fine art section, and to request that you will be good enough to inform me at your earliest convenience whether any works of art are likely to be forwarded from your colony."

The proceedings of the meeting were of an interesting character, and a general desire was expressed that the movement should be carried to a successful issue. It was pointed out that in every town of importance in the mother country free libraries had been established with the most beneficial results, and that there was no reason why Wellington should lag behind in this respect. A committee was appointed to take steps to give effect to the resolutions, and a vote of thanks to the chairman closed the proceedings.

The following is a letter from the secretary to the International Commission, dated Sydney, April 16th, addressed to Dr. Hector, as Executive Commissioner of the New Zealand Commission:—"Sir,—I have the honor to invite the attention of the New Zealand Commission for the Sydney International Exhibition to the circular issued by this Committee, on the subject of the fine art section, and to request that you will be good enough to inform me at your earliest convenience whether any works of art are likely to be forwarded from your colony."

The proceedings of the meeting were of an interesting character, and a general desire was expressed that the movement should be carried to a successful issue. It was pointed out that in every town of importance in the mother country free libraries had been established with the most beneficial results, and that there was no reason why Wellington should lag behind in this respect. A committee was appointed to take steps to give effect to the resolutions, and a vote of thanks to the chairman closed the proceedings.

The following is a letter from the secretary to the International Commission, dated Sydney, April 16th, addressed to Dr. Hector, as Executive Commissioner of the New Zealand Commission:—"Sir,—I have the honor to invite the attention of the New Zealand Commission for the Sydney International Exhibition to the circular issued by this Committee, on the subject of the fine art section, and to request that you will be good enough to inform me at your earliest convenience whether any works of art are likely to be forwarded from your colony."
